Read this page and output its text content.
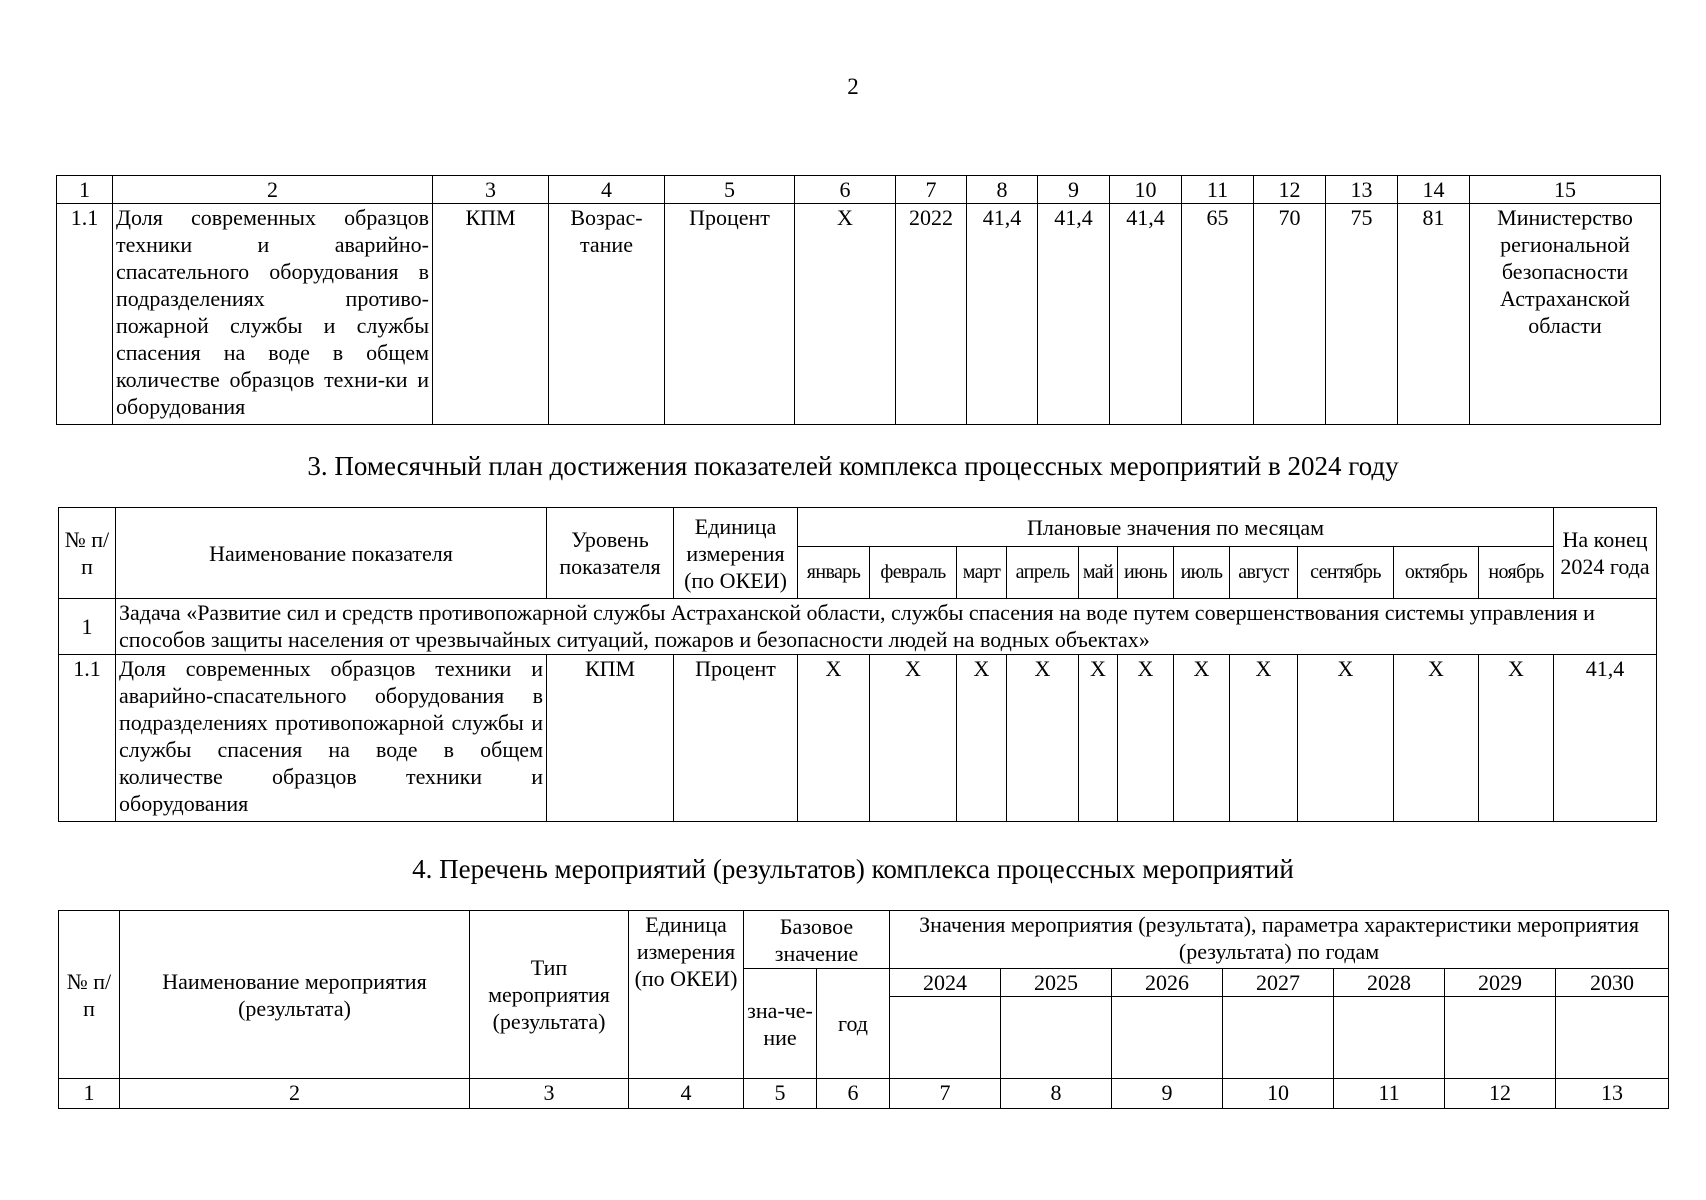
2
1	2	3	4	5	6	7	8	9	10	11	12	13	14	15
1.1	Доля современных образцов техники и аварийно-спасательного оборудования в подразделениях противо-пожарной службы и службы спасения на воде в общем количестве образцов техни-ки и оборудования	КПМ	Возрас-тание	Процент	X	2022	41,4	41,4	41,4	65	70	75	81	Министерство региональной безопасности Астраханской области
3. Помесячный план достижения показателей комплекса процессных мероприятий в 2024 году
№ п/п	Наименование показателя	Уровень показателя	Единица измерения (по ОКЕИ)	Плановые значения по месяцам											На конец 2024 года
				январь	февраль	март	апрель	май	июнь	июль	август	сентябрь	октябрь	ноябрь	
1	Задача «Развитие сил и средств противопожарной службы Астраханской области, службы спасения на воде путем совершенствования системы управления и способов защиты населения от чрезвычайных ситуаций, пожаров и безопасности людей на водных объектах»														
1.1	Доля современных образцов техники и аварийно-спасательного оборудования в подразделениях противопожарной службы и службы спасения на воде в общем количестве образцов техники и оборудования	КПМ	Процент	X	X	X	X	X	X	X	X	X	X	X	41,4
4. Перечень мероприятий (результатов) комплекса процессных мероприятий
№ п/п	Наименование мероприятия (результата)	Тип мероприятия (результата)	Единица измерения (по ОКЕИ)	Базовое значение		Значения мероприятия (результата), параметра характеристики мероприятия (результата) по годам						
				зна-че-ние	год	2024	2025	2026	2027	2028	2029	2030

1	2	3	4	5	6	7	8	9	10	11	12	13
